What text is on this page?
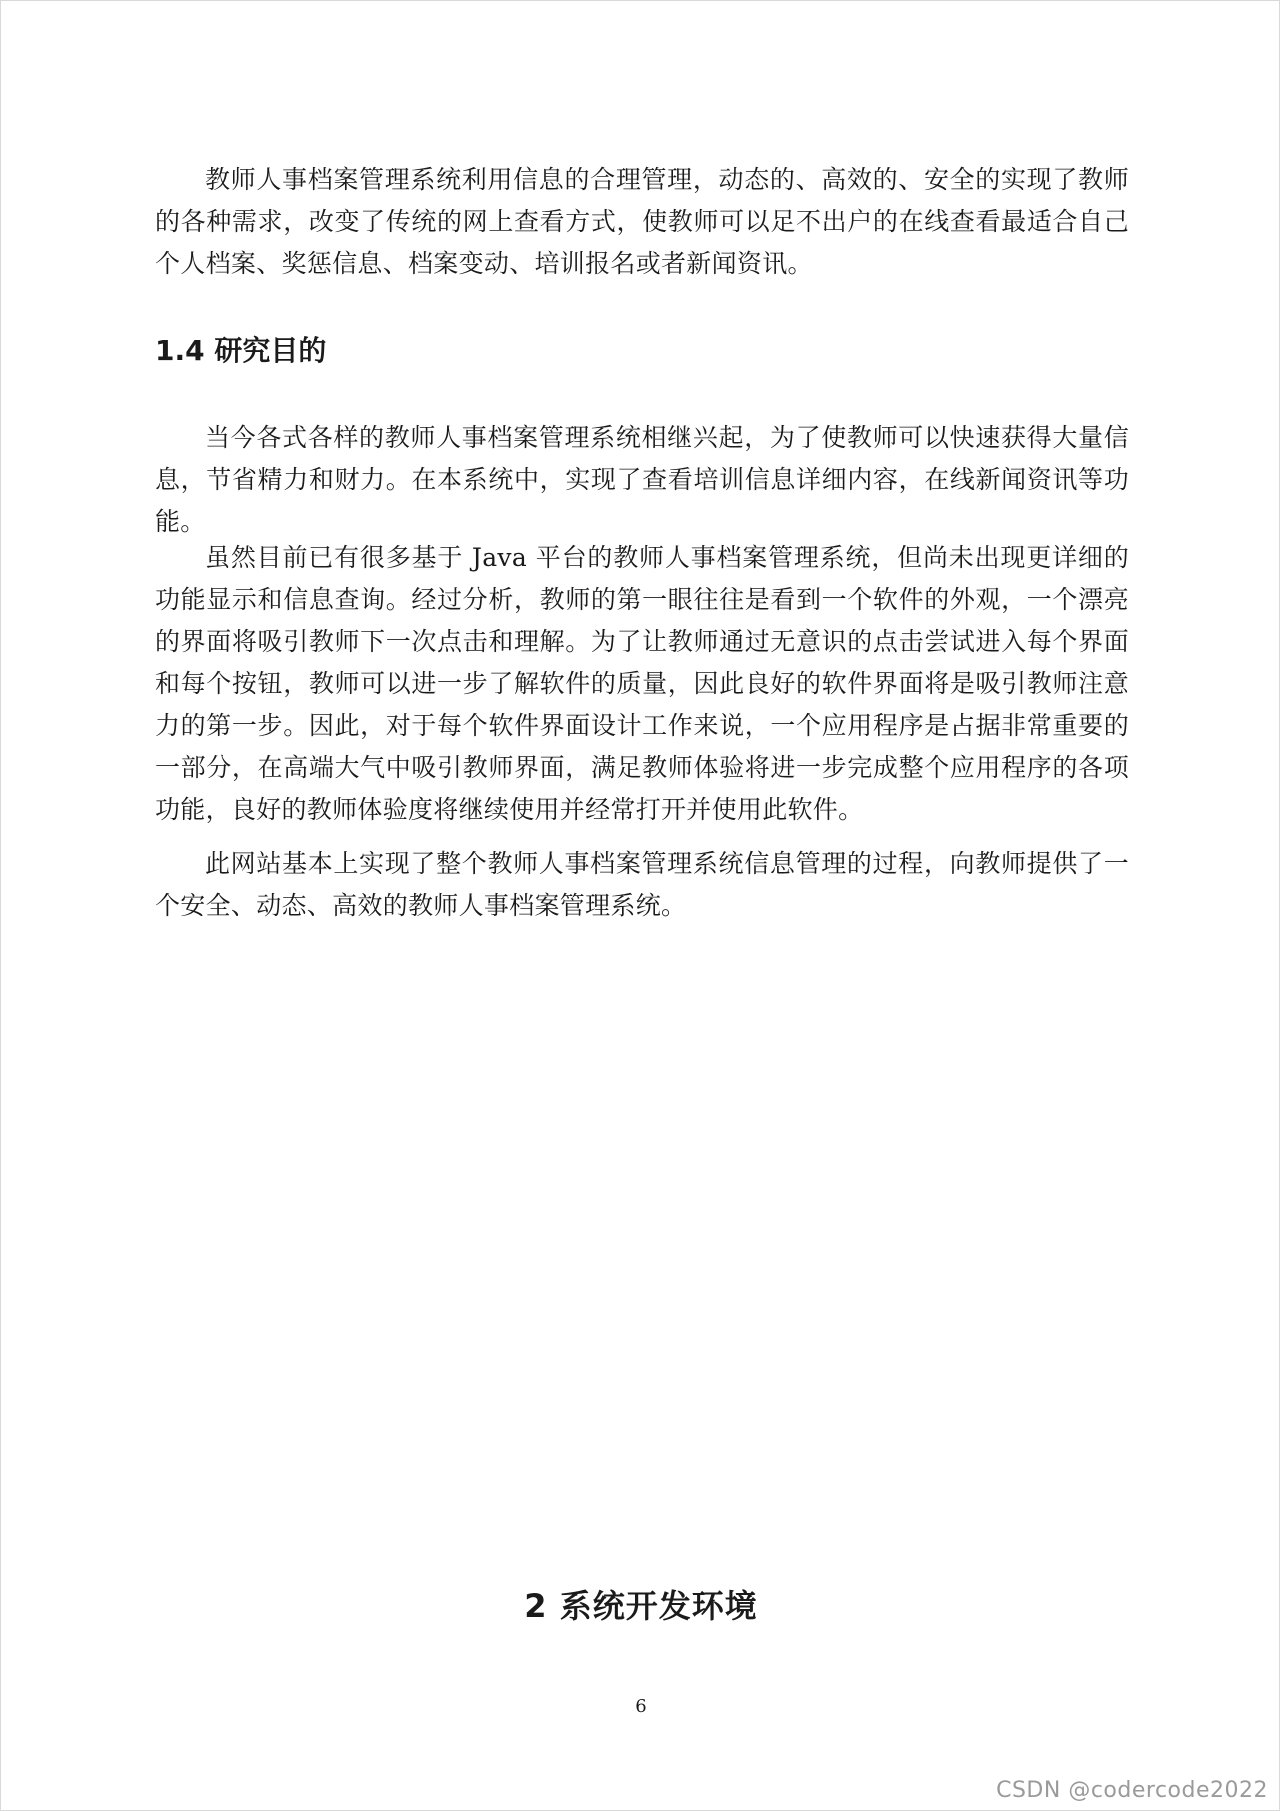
教师人事档案管理系统利用信息的合理管理，动态的、高效的、安全的实现了教师的各种需求，改变了传统的网上查看方式，使教师可以足不出户的在线查看最适合自己个人档案、奖惩信息、档案变动、培训报名或者新闻资讯。

1.4 研究目的

当今各式各样的教师人事档案管理系统相继兴起，为了使教师可以快速获得大量信息，节省精力和财力。在本系统中，实现了查看培训信息详细内容，在线新闻资讯等功能。

虽然目前已有很多基于 Java 平台的教师人事档案管理系统，但尚未出现更详细的功能显示和信息查询。经过分析，教师的第一眼往往是看到一个软件的外观，一个漂亮的界面将吸引教师下一次点击和理解。为了让教师通过无意识的点击尝试进入每个界面和每个按钮，教师可以进一步了解软件的质量，因此良好的软件界面将是吸引教师注意力的第一步。因此，对于每个软件界面设计工作来说，一个应用程序是占据非常重要的一部分，在高端大气中吸引教师界面，满足教师体验将进一步完成整个应用程序的各项功能，良好的教师体验度将继续使用并经常打开并使用此软件。

此网站基本上实现了整个教师人事档案管理系统信息管理的过程，向教师提供了一个安全、动态、高效的教师人事档案管理系统。

2 系统开发环境
6
CSDN @codercode2022
